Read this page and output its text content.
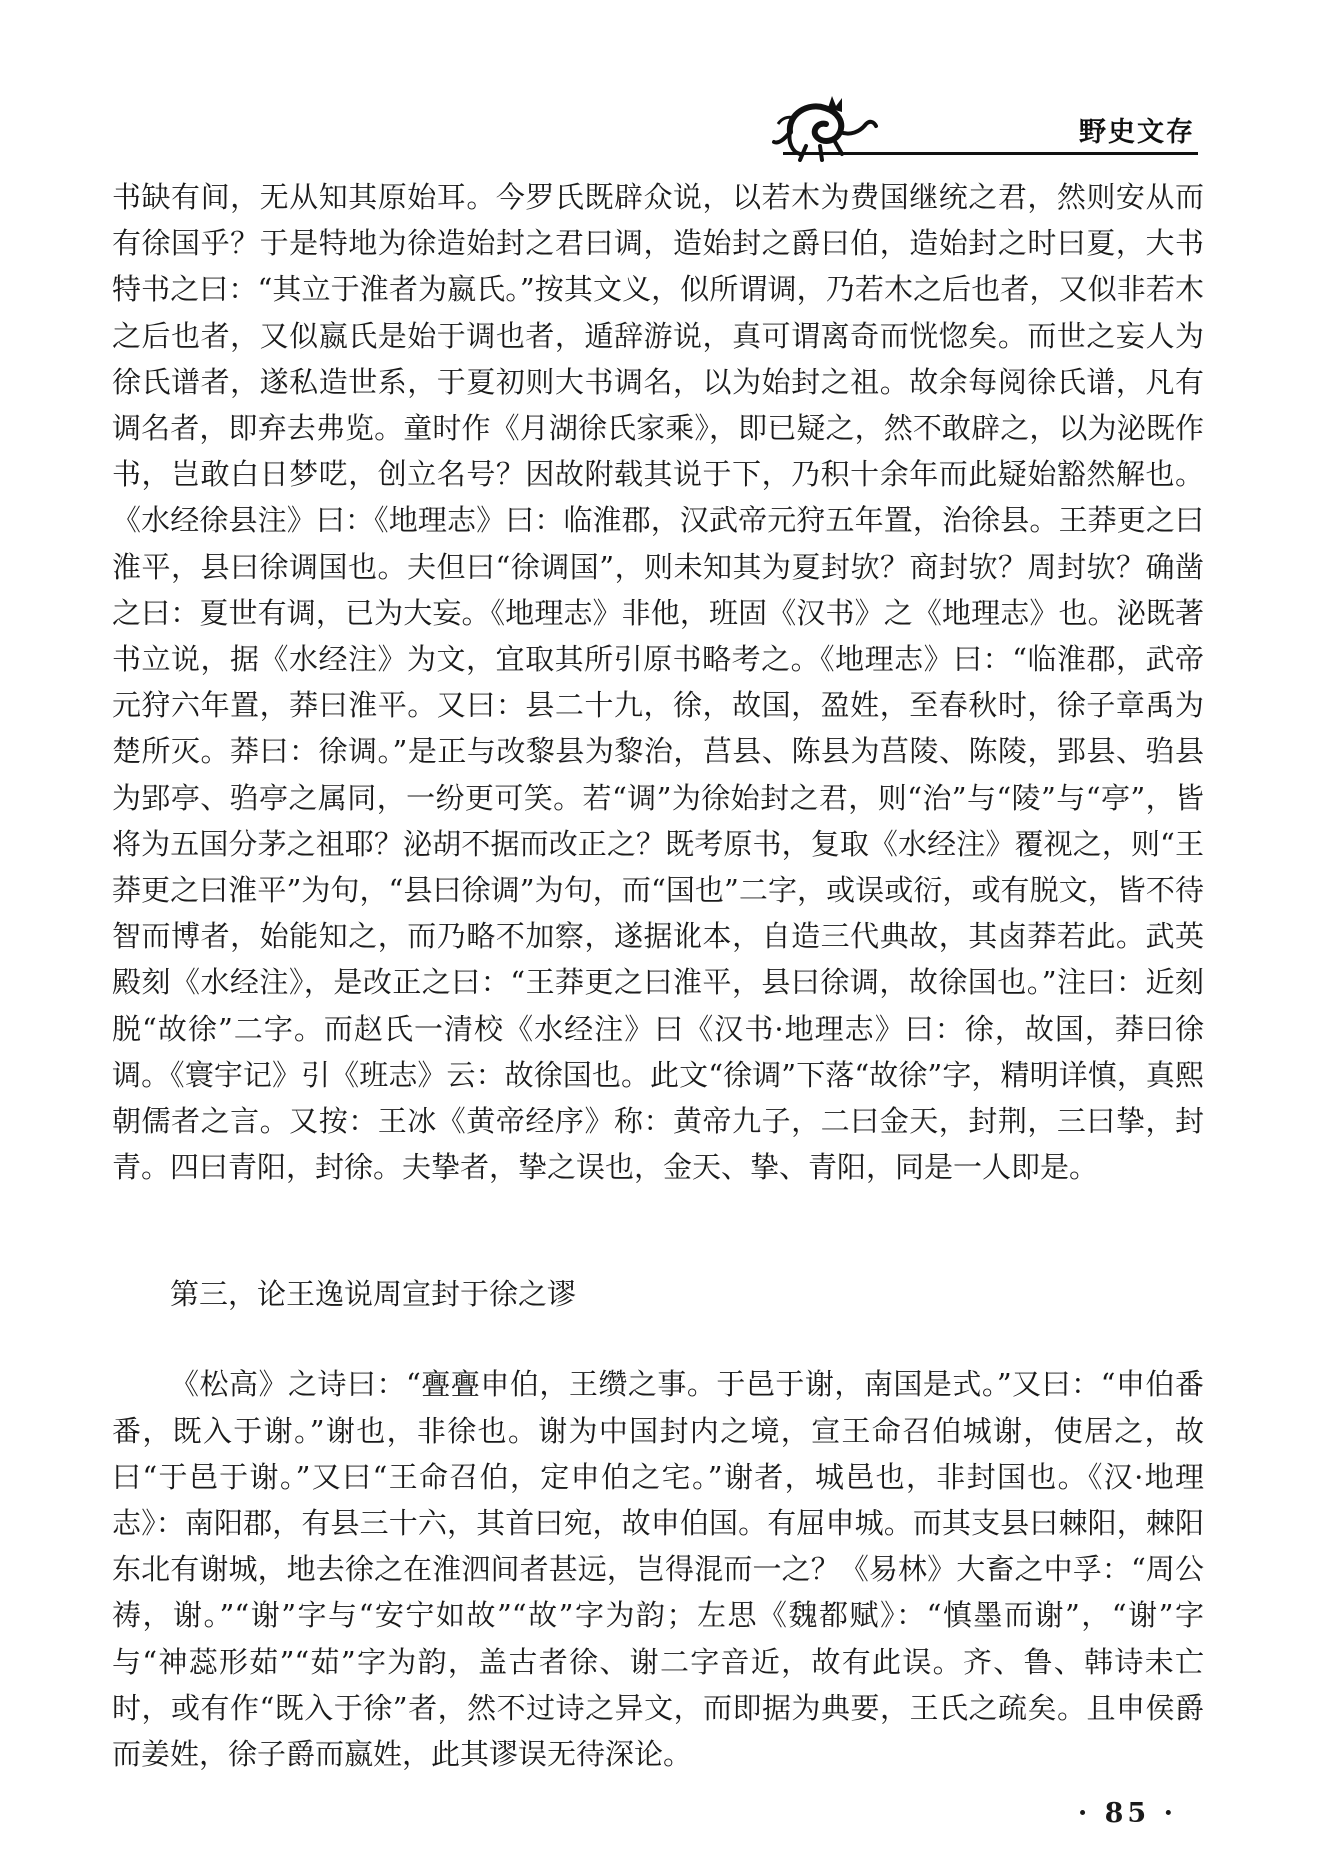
野史文存

书缺有间，无从知其原始耳。今罗氏既辟众说，以若木为费国继统之君，然则安从而有徐国乎？于是特地为徐造始封之君曰调，造始封之爵曰伯，造始封之时曰夏，大书特书之曰：“其立于淮者为嬴氏。”按其文义，似所谓调，乃若木之后也者，又似非若木之后也者，又似嬴氏是始于调也者，遁辞游说，真可谓离奇而恍惚矣。而世之妄人为徐氏谱者，遂私造世系，于夏初则大书调名，以为始封之祖。故余每阅徐氏谱，凡有调名者，即弃去弗览。童时作《月湖徐氏家乘》，即已疑之，然不敢辟之，以为泌既作书，岂敢白日梦呓，创立名号？因故附载其说于下，乃积十余年而此疑始豁然解也。《水经徐县注》曰：《地理志》曰：临淮郡，汉武帝元狩五年置，治徐县。王莽更之曰淮平，县曰徐调国也。夫但曰“徐调国”，则未知其为夏封欤？商封欤？周封欤？确凿之曰：夏世有调，已为大妄。《地理志》非他，班固《汉书》之《地理志》也。泌既著书立说，据《水经注》为文，宜取其所引原书略考之。《地理志》曰：“临淮郡，武帝元狩六年置，莽曰淮平。又曰：县二十九，徐，故国，盈姓，至春秋时，徐子章禹为楚所灭。莽曰：徐调。”是正与改黎县为黎治，莒县、陈县为莒陵、陈陵，郢县、驺县为郢亭、驺亭之属同，一纷更可笑。若“调”为徐始封之君，则“治”与“陵”与“亭”，皆将为五国分茅之祖耶？泌胡不据而改正之？既考原书，复取《水经注》覆视之，则“王莽更之曰淮平”为句，“县曰徐调”为句，而“国也”二字，或误或衍，或有脱文，皆不待智而博者，始能知之，而乃略不加察，遂据讹本，自造三代典故，其卤莽若此。武英殿刻《水经注》，是改正之曰：“王莽更之曰淮平，县曰徐调，故徐国也。”注曰：近刻脱“故徐”二字。而赵氏一清校《水经注》曰《汉书·地理志》曰：徐，故国，莽曰徐调。《寰宇记》引《班志》云：故徐国也。此文“徐调”下落“故徐”字，精明详慎，真熙朝儒者之言。又按：王冰《黄帝经序》称：黄帝九子，二曰金天，封荆，三曰挚，封青。四曰青阳，封徐。夫挚者，挚之误也，金天、挚、青阳，同是一人即是。

第三，论王逸说周宣封于徐之谬

《松高》之诗曰：“亹亹申伯，王缵之事。于邑于谢，南国是式。”又曰：“申伯番番，既入于谢。”谢也，非徐也。谢为中国封内之境，宣王命召伯城谢，使居之，故曰“于邑于谢。”又曰“王命召伯，定申伯之宅。”谢者，城邑也，非封国也。《汉·地理志》：南阳郡，有县三十六，其首曰宛，故申伯国。有屈申城。而其支县曰棘阳，棘阳东北有谢城，地去徐之在淮泗间者甚远，岂得混而一之？《易林》大畜之中孚：“周公祷，谢。”“谢”字与“安宁如故”“故”字为韵；左思《魏都赋》：“慎墨而谢”，“谢”字与“神蕊形茹”“茹”字为韵，盖古者徐、谢二字音近，故有此误。齐、鲁、韩诗未亡时，或有作“既入于徐”者，然不过诗之异文，而即据为典要，王氏之疏矣。且申侯爵而姜姓，徐子爵而嬴姓，此其谬误无待深论。

· 85 ·
